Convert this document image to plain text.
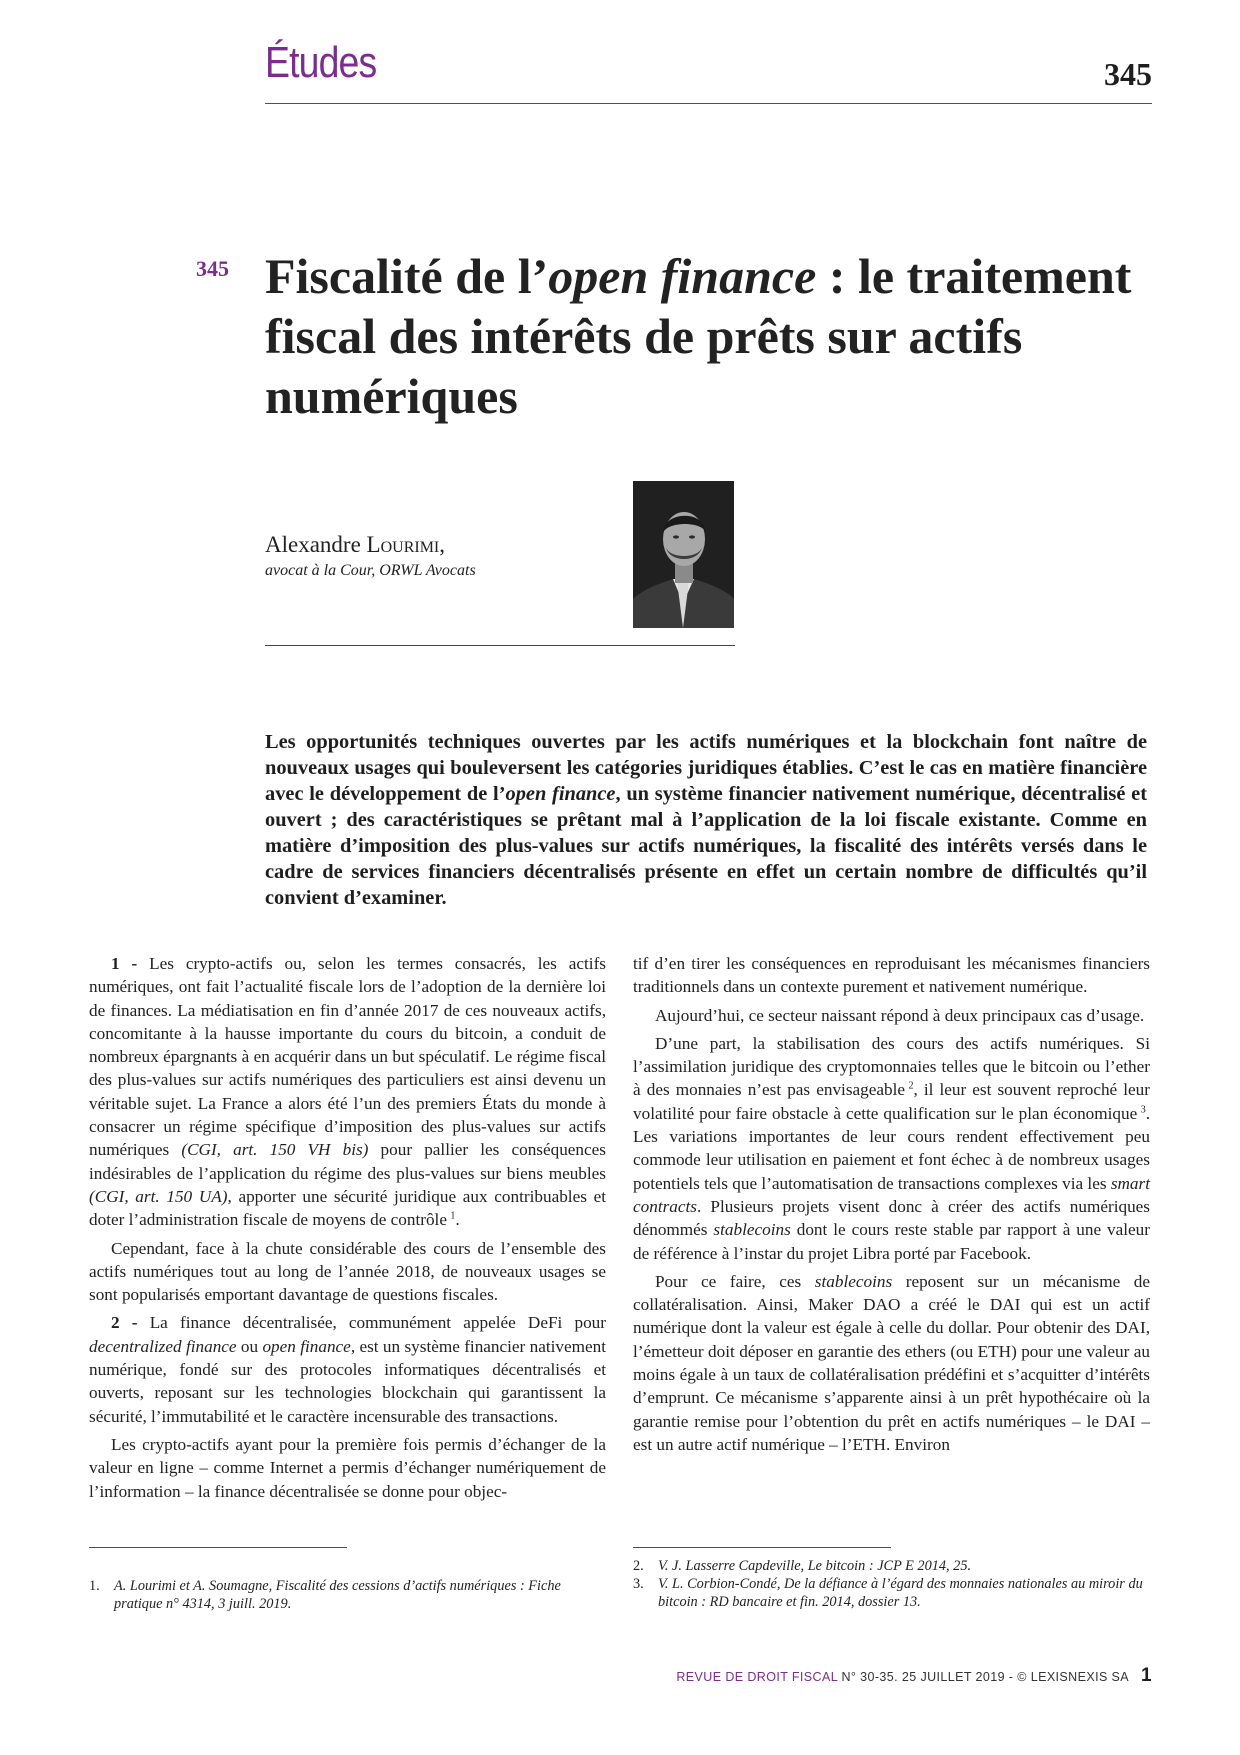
Études	345
345 Fiscalité de l’open finance : le traitement fiscal des intérêts de prêts sur actifs numériques
Alexandre Lourimi,
avocat à la Cour, ORWL Avocats
Les opportunités techniques ouvertes par les actifs numériques et la blockchain font naître de nouveaux usages qui bouleversent les catégories juridiques établies. C’est le cas en matière financière avec le développement de l’open finance, un système financier nativement numérique, décentralisé et ouvert ; des caractéristiques se prêtant mal à l’application de la loi fiscale existante. Comme en matière d’imposition des plus-values sur actifs numériques, la fiscalité des intérêts versés dans le cadre de services financiers décentralisés présente en effet un certain nombre de difficultés qu’il convient d’examiner.

1 - Les crypto-actifs ou, selon les termes consacrés, les actifs numériques, ont fait l’actualité fiscale lors de l’adoption de la dernière loi de finances. La médiatisation en fin d’année 2017 de ces nouveaux actifs, concomitante à la hausse importante du cours du bitcoin, a conduit de nombreux épargnants à en acquérir dans un but spéculatif. Le régime fiscal des plus-values sur actifs numériques des particuliers est ainsi devenu un véritable sujet. La France a alors été l’un des premiers États du monde à consacrer un régime spécifique d’imposition des plus-values sur actifs numériques (CGI, art. 150 VH bis) pour pallier les conséquences indésirables de l’application du régime des plus-values sur biens meubles (CGI, art. 150 UA), apporter une sécurité juridique aux contribuables et doter l’administration fiscale de moyens de contrôle  $^1$.

Cependant, face à la chute considérable des cours de l’ensemble des actifs numériques tout au long de l’année 2018, de nouveaux usages se sont popularisés emportant davantage de questions fiscales.

2 - La finance décentralisée, communément appelée DeFi pour decentralized finance ou open finance, est un système financier nativement numérique, fondé sur des protocoles informatiques décentralisés et ouverts, reposant sur les technologies blockchain qui garantissent la sécurité, l’immutabilité et le caractère incensurable des transactions.

Les crypto-actifs ayant pour la première fois permis d’échanger de la valeur en ligne – comme Internet a permis d’échanger numériquement de l’information – la finance décentralisée se donne pour objec-

tif d’en tirer les conséquences en reproduisant les mécanismes financiers traditionnels dans un contexte purement et nativement numérique.

Aujourd’hui, ce secteur naissant répond à deux principaux cas d’usage.

D’une part, la stabilisation des cours des actifs numériques. Si l’assimilation juridique des cryptomonnaies telles que le bitcoin ou l’ether à des monnaies n’est pas envisageable  $^2$, il leur est souvent reproché leur volatilité pour faire obstacle à cette qualification sur le plan économique  $^3$. Les variations importantes de leur cours rendent effectivement peu commode leur utilisation en paiement et font échec à de nombreux usages potentiels tels que l’automatisation de transactions complexes via les smart contracts. Plusieurs projets visent donc à créer des actifs numériques dénommés stablecoins dont le cours reste stable par rapport à une valeur de référence à l’instar du projet Libra porté par Facebook.

Pour ce faire, ces stablecoins reposent sur un mécanisme de collatéralisation. Ainsi, Maker DAO a créé le DAI qui est un actif numérique dont la valeur est égale à celle du dollar. Pour obtenir des DAI, l’émetteur doit déposer en garantie des ethers (ou ETH) pour une valeur au moins égale à un taux de collatéralisation prédéfini et s’acquitter d’intérêts d’emprunt. Ce mécanisme s’apparente ainsi à un prêt hypothécaire où la garantie remise pour l’obtention du prêt en actifs numériques – le DAI – est un autre actif numérique – l’ETH. Environ

1. A. Lourimi et A. Soumagne, Fiscalité des cessions d’actifs numériques : Fiche pratique n° 4314, 3 juill. 2019.
2. V. J. Lasserre Capdeville, Le bitcoin : JCP E 2014, 25.
3. V. L. Corbion-Condé, De la défiance à l’égard des monnaies nationales au miroir du bitcoin : RD bancaire et fin. 2014, dossier 13.
REVUE DE DROIT FISCAL N° 30-35. 25 JUILLET 2019 - © LEXISNEXIS SA 1
